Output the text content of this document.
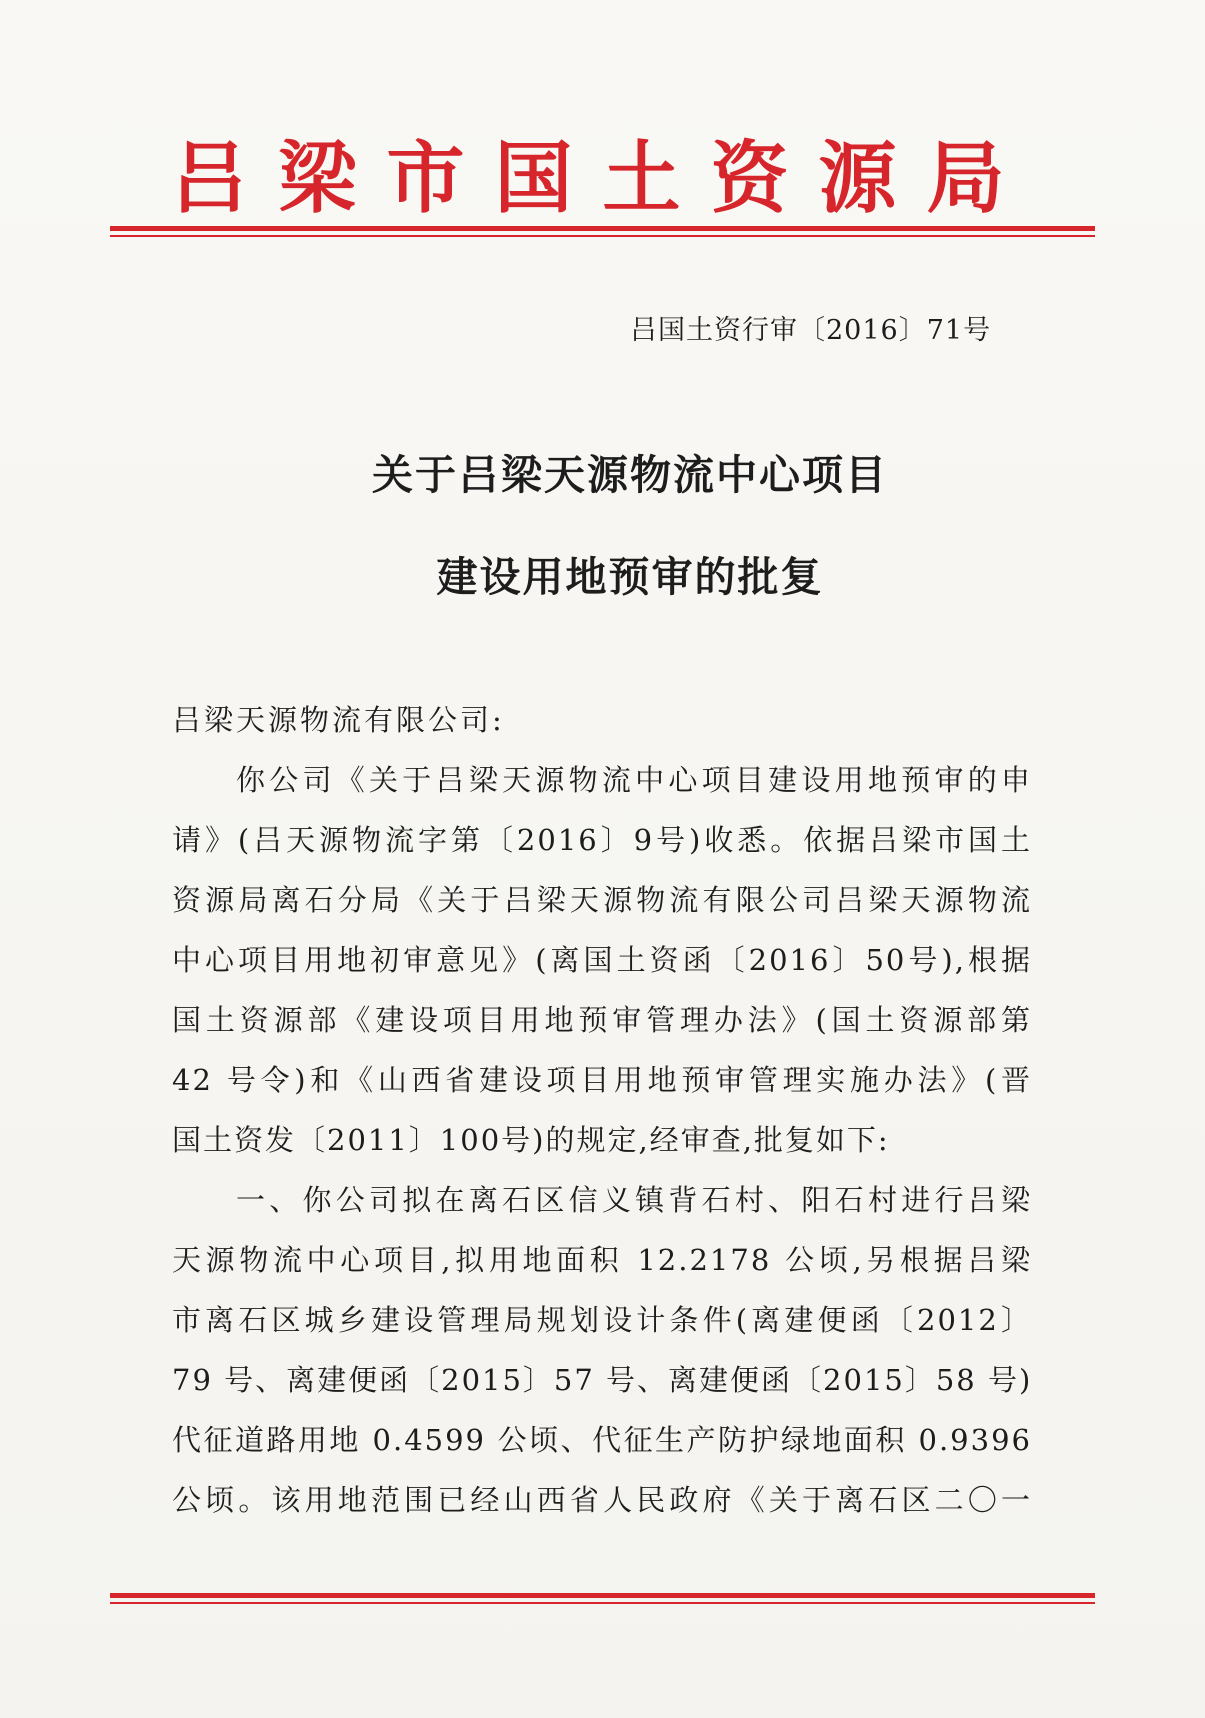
吕梁市国土资源局
吕国土资行审〔2016〕71号
关于吕梁天源物流中心项目
建设用地预审的批复
吕梁天源物流有限公司:
你公司《关于吕梁天源物流中心项目建设用地预审的申
请》(吕天源物流字第〔2016〕9号)收悉。依据吕梁市国土
资源局离石分局《关于吕梁天源物流有限公司吕梁天源物流
中心项目用地初审意见》(离国土资函〔2016〕50号),根据
国土资源部《建设项目用地预审管理办法》(国土资源部第
42 号令)和《山西省建设项目用地预审管理实施办法》(晋
国土资发〔2011〕100号)的规定,经审查,批复如下:
一、你公司拟在离石区信义镇背石村、阳石村进行吕梁
天源物流中心项目,拟用地面积 12.2178 公顷,另根据吕梁
市离石区城乡建设管理局规划设计条件(离建便函〔2012〕
79 号、离建便函〔2015〕57 号、离建便函〔2015〕58 号)
代征道路用地 0.4599 公顷、代征生产防护绿地面积 0.9396
公顷。该用地范围已经山西省人民政府《关于离石区二〇一
